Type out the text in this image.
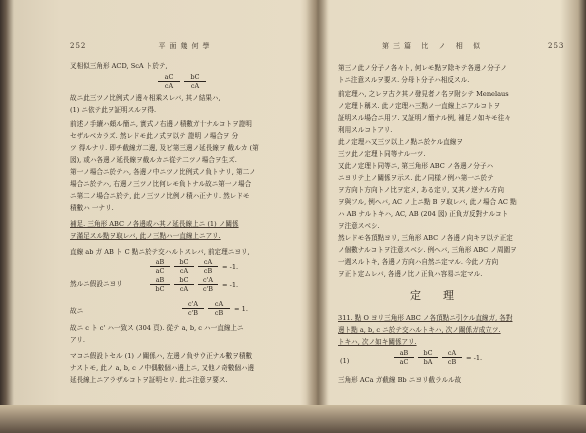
252	平面幾何學
叉相似三角形 ACD, ScA ト於テ,
aC
cA
bC
cA
故ニ此三ツノ比例式ノ邊々相乘スレバ, 其ノ結果ハ,
(1) ニ依テ此ヲ証明スルヲ得.
前述ノ手續ハ頗ル簡ニ, 實式ノ右邊ノ積數ガ十ナルコトヲ證明
セザルベカラズ. 然レドモ此ノ式ヲ以テ 證明 ノ場合ヲ 分
ツ 得ルナリ. 即チ截線ガ二邊, 及ビ第三邊ノ延長線ヲ 截ルカ (第
図), 或ハ各邊ノ延長線ヲ截ルカニ從テ二ツノ場合ヲ生ズ.
第一ノ場合ニ於テハ, 各邊ノ中ニツノ比例式ノ負トナリ, 第二ノ
場合ニ於テハ, 右邊ノ三ツノ比何レモ負トナル故ニ第一ノ場合
ニ第二ノ場合ニ於テ, 此ノ三ツノ比例ノ積ハ正ナリ. 然レドモ
積數ハ 一ナリ.
補足. 三角形 ABC ノ各邊或ハ其ノ延長線上ニ (1) ノ關係
ヲ滿足スル點ヲ取レバ, 此ノ三點ハ一直線上ニアリ.
直線 ab ガ AB ト C 點ニ於テ交ハルトスレバ, 前定理ニヨリ,
aB
aC
bC
cA
cA
cB	= -1.
然ルニ假設ニヨリ	aB
bC
bC
cA
c'A
c'B	= -1.
故ニ
c'A
c'B
cA
cB	= 1.
故ニ c ト c' ハ一致ス (304 頁). 從テ a, b, c ハ一直線上ニ
アリ.
マコニ假設トセル (1) ノ關係ハ, 左邊ノ負サウ正ナル數ヲ積數
ナストモ, 此ノ a, b, c ノ中偶數個ハ邊上ニ, 又他ノ奇數個ハ邊
延長線上ニアラザルコトヲ証明セリ. 此ニ注意ヲ要ス.
第三篇 比 ノ 相 似	253
第三ノ此ノ分子ノ各々ト, 何レモ點ヲ除キテ各邊ノ分子ノ
トニ注意スルヲ要ス. 分母ト分子ハ相反スル.
前定理ハ, 之レヲ古ク其ノ發見者ノ名ヲ附シテ Menelaus
ノ定理ト稱ス. 此ノ定理ハ三點ノ一直線上ニアルコトヲ
証明スル場合ニ用フ. 又証明ノ簡ナル例, 補足ノ如キモ往々
利用スルコトアリ.
此ノ定理ハ又三ツ以上ノ點ニ於ケル直線ヲ
三ツ此ノ定理ト同等ナル一ツ.
又此ノ定理ト同等ニ, 第三角形 ABC ノ各邊ノ分子ハ
ニヨリテ上ノ關係ヲ示ス. 此ノ同様ノ例ハ第一ニ於テ
ヲ方向ト方向トノ比ヲ定メ, ある定リ, 又其ノ逆ナル方向
ヲ與フル, 例ヘバ, AC ノ上ニ點 B ヲ取レバ, 此ノ場合 AC 點
ハ AB ナルトキハ, AC, AB (204 図) 正負ガ反對ナルコト
ヲ注意スベシ.
然レドモ各頂點ヨリ, 三角形 ABC ノ各邊ノ向キヲ以テ正定
ノ個數ナルコトヲ注意スベシ. 例ヘバ, 三角形 ABC ノ周圍ヲ
一週スルトキ, 各邊ノ方向ハ自然ニ定マル. 今此ノ方向
ヲ正ト定ムレバ, 各邊ノ比ノ正負ハ容易ニ定マル.
定理
311. 點 O ヨリ三角形 ABC ノ各頂點ニ引ケル直線ガ, 各對
邊ト點 a, b, c ニ於テ交ハルトキハ, 次ノ關係ガ成立ツ.
トキハ, 次ノ如キ關係アリ.
(1)
aB
aC
bC
bA
cA
cB	= -1.
三角形 ACa ガ截線 Bb ニヨリ截ラルル故
